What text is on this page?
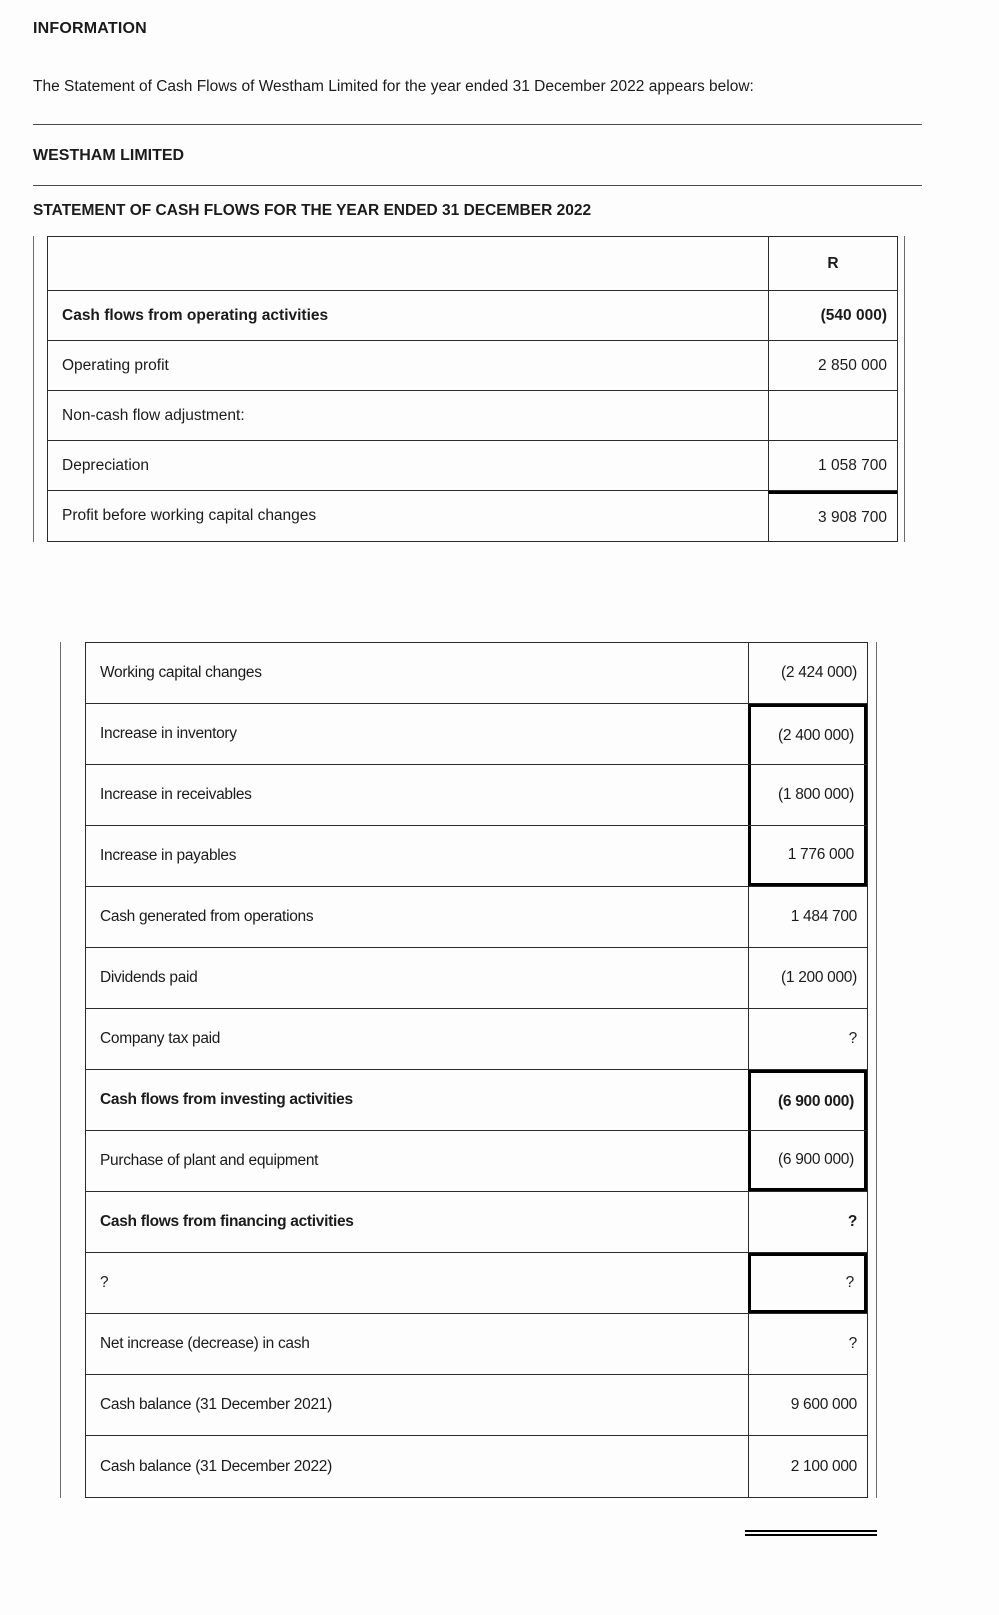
INFORMATION
The Statement of Cash Flows of Westham Limited for the year ended 31 December 2022 appears below:
WESTHAM LIMITED
STATEMENT OF CASH FLOWS FOR THE YEAR ENDED 31 DECEMBER 2022
R
Cash flows from operating activities	(540 000)
Operating profit	2 850 000
Non-cash flow adjustment:
Depreciation	1 058 700
Profit before working capital changes	3 908 700
Working capital changes	(2 424 000)
Increase in inventory	(2 400 000)
Increase in receivables	(1 800 000)
Increase in payables	1 776 000
Cash generated from operations	1 484 700
Dividends paid	(1 200 000)
Company tax paid	?
Cash flows from investing activities	(6 900 000)
Purchase of plant and equipment	(6 900 000)
Cash flows from financing activities	?
?	?
Net increase (decrease) in cash	?
Cash balance (31 December 2021)	9 600 000
Cash balance (31 December 2022)	2 100 000
